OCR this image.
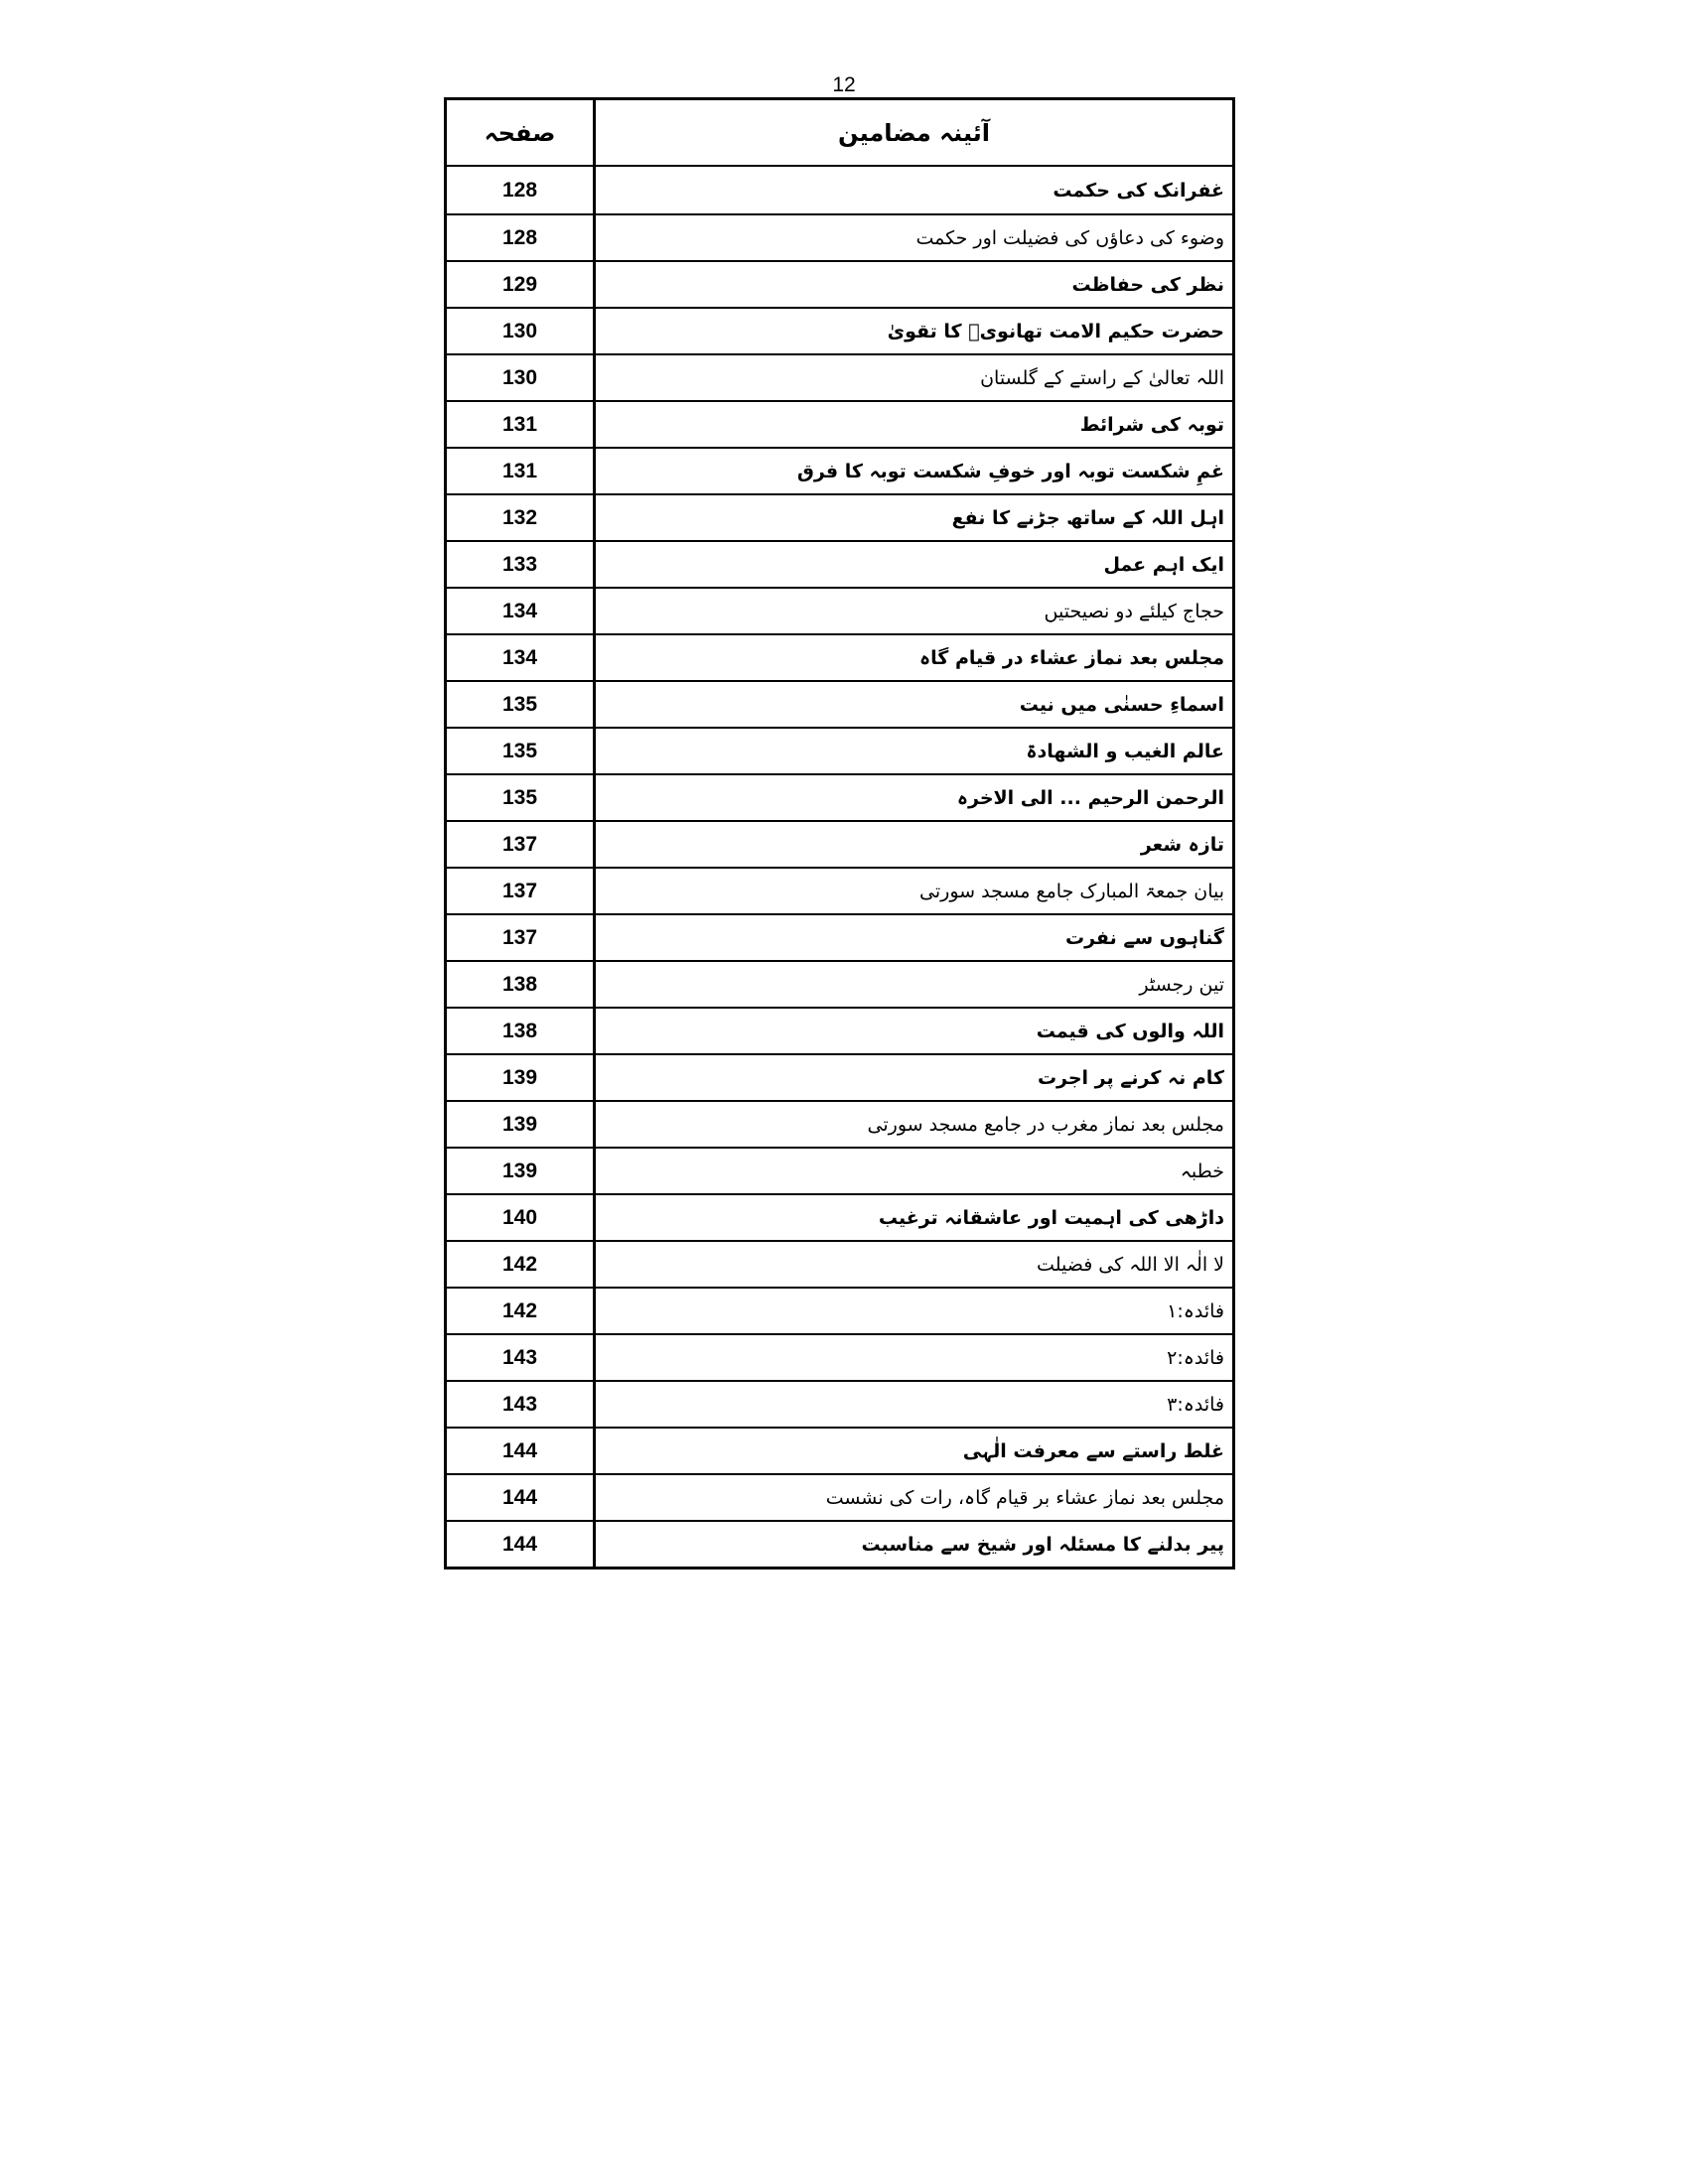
12
صفحہ	آئینہ مضامین
128	غفرانک کی حکمت
128	وضوء کی دعاؤں کی فضیلت اور حکمت
129	نظر کی حفاظت
130	حضرت حکیم الامت تھانویؒ کا تقویٰ
130	اللہ تعالیٰ کے راستے کے گلستان
131	توبہ کی شرائط
131	غمِ شکست توبہ اور خوفِ شکست توبہ کا فرق
132	اہل اللہ کے ساتھ جڑنے کا نفع
133	ایک اہم عمل
134	حجاج کیلئے دو نصیحتیں
134	مجلس بعد نماز عشاء در قیام گاہ
135	اسماءِ حسنٰی میں نیت
135	عالم الغیب و الشھادۃ
135	الرحمن الرحیم ... الی الاخرہ
137	تازہ شعر
137	بیان جمعۃ المبارک جامع مسجد سورتی
137	گناہوں سے نفرت
138	تین رجسٹر
138	اللہ والوں کی قیمت
139	کام نہ کرنے پر اجرت
139	مجلس بعد نماز مغرب در جامع مسجد سورتی
139	خطبہ
140	داڑھی کی اہمیت اور عاشقانہ ترغیب
142	لا الٰہ الا اللہ کی فضیلت
142	فائدہ:۱
143	فائدہ:۲
143	فائدہ:۳
144	غلط راستے سے معرفت الٰہی
144	مجلس بعد نماز عشاء بر قیام گاہ، رات کی نشست
144	پیر بدلنے کا مسئلہ اور شیخ سے مناسبت
